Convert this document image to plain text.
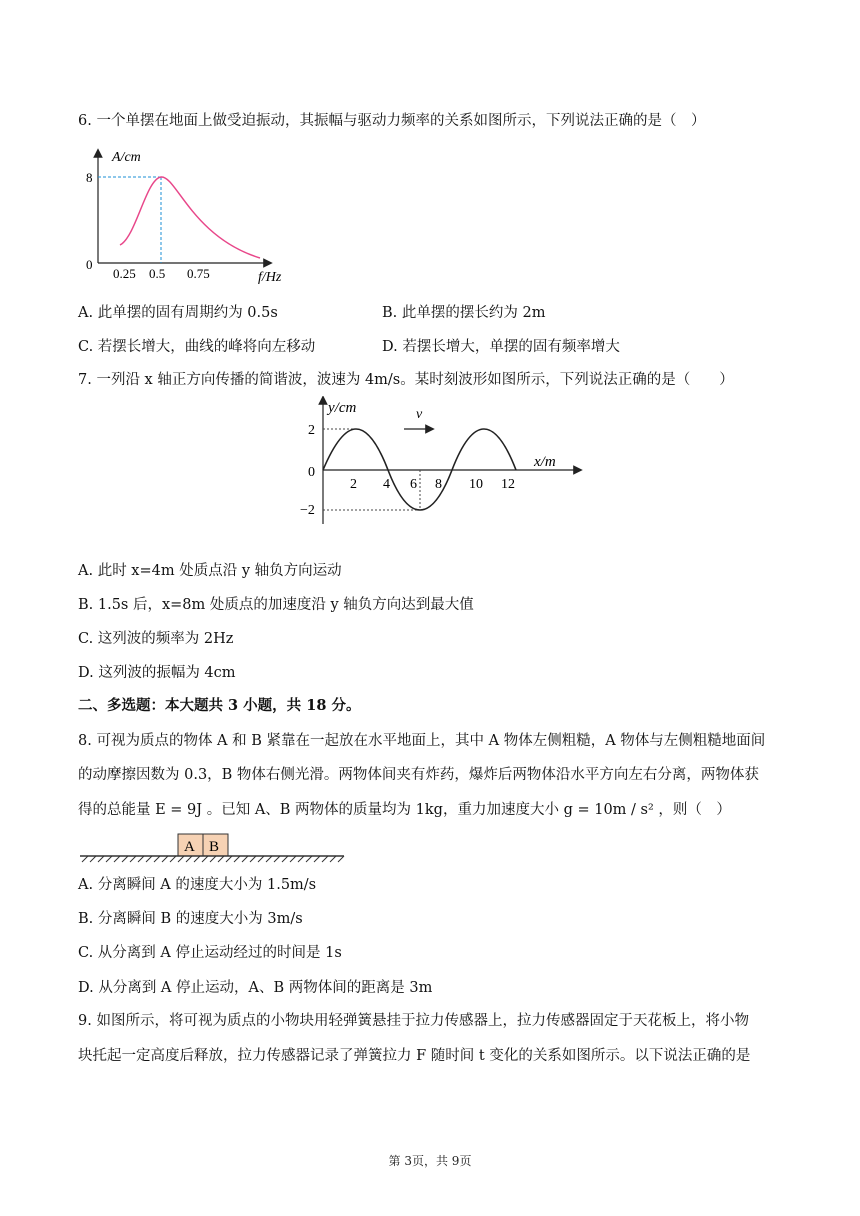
6. 一个单摆在地面上做受迫振动，其振幅与驱动力频率的关系如图所示，下列说法正确的是（　）
A/cm
f/Hz
0
8
0.25 0.5 0.75
A. 此单摆的固有周期约为 0.5s	B. 此单摆的摆长约为 2m
C. 若摆长增大，曲线的峰将向左移动	D. 若摆长增大，单摆的固有频率增大
7. 一列沿 x 轴正方向传播的简谐波，波速为 4m/s。某时刻波形如图所示，下列说法正确的是（　　）
y/cm
x/m
0
2
−2
2 4 6 8 10 12
v
A. 此时 x=4m 处质点沿 y 轴负方向运动
B. 1.5s 后，x=8m 处质点的加速度沿 y 轴负方向达到最大值
C. 这列波的频率为 2Hz
D. 这列波的振幅为 4cm
二、多选题：本大题共 3 小题，共 18 分。
8. 可视为质点的物体 A 和 B 紧靠在一起放在水平地面上，其中 A 物体左侧粗糙，A 物体与左侧粗糙地面间
的动摩擦因数为 0.3，B 物体右侧光滑。两物体间夹有炸药，爆炸后两物体沿水平方向左右分离，两物体获
得的总能量 E = 9J 。已知 A、B 两物体的质量均为 1kg，重力加速度大小 g = 10m / s² ，则（　）
A B
A. 分离瞬间 A 的速度大小为 1.5m/s
B. 分离瞬间 B 的速度大小为 3m/s
C. 从分离到 A 停止运动经过的时间是 1s
D. 从分离到 A 停止运动，A、B 两物体间的距离是 3m
9. 如图所示，将可视为质点的小物块用轻弹簧悬挂于拉力传感器上，拉力传感器固定于天花板上，将小物
块托起一定高度后释放，拉力传感器记录了弹簧拉力 F 随时间 t 变化的关系如图所示。以下说法正确的是
第 3页，共 9页
